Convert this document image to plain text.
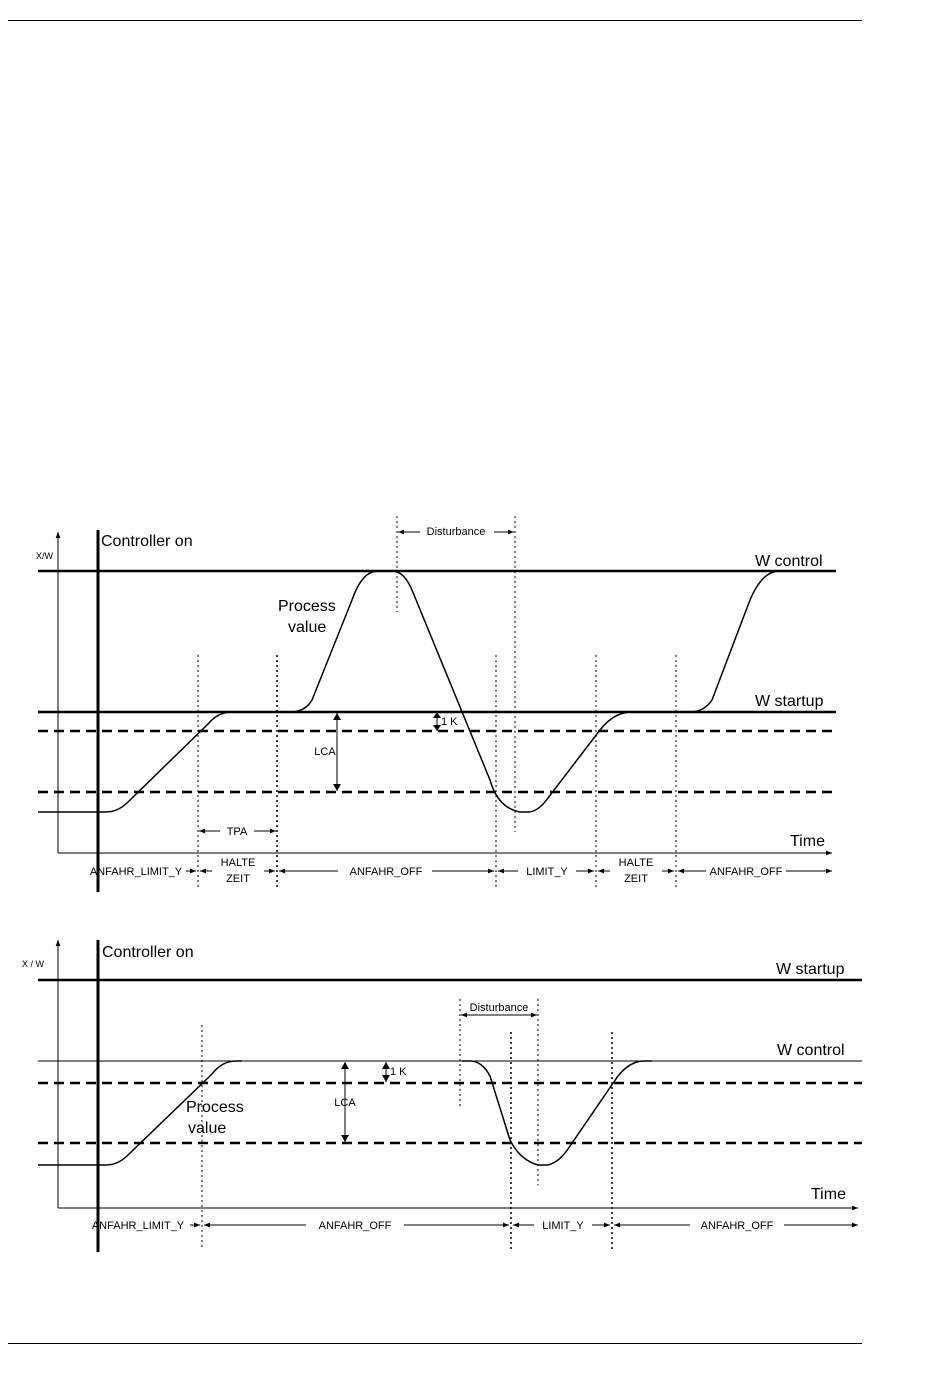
X/W
Time
Controller on
W control
W startup
Process
value
Disturbance
1 K
LCA
TPA
ANFAHR_LIMIT_Y
HALTE
ZEIT
ANFAHR_OFF	LIMIT_Y
HALTE
ZEIT
ANFAHR_OFF
X / W
Time
Controller on
W startup
W control
Process
value
Disturbance
1 K
LCA
ANFAHR_LIMIT_Y	ANFAHR_OFF	LIMIT_Y	ANFAHR_OFF
